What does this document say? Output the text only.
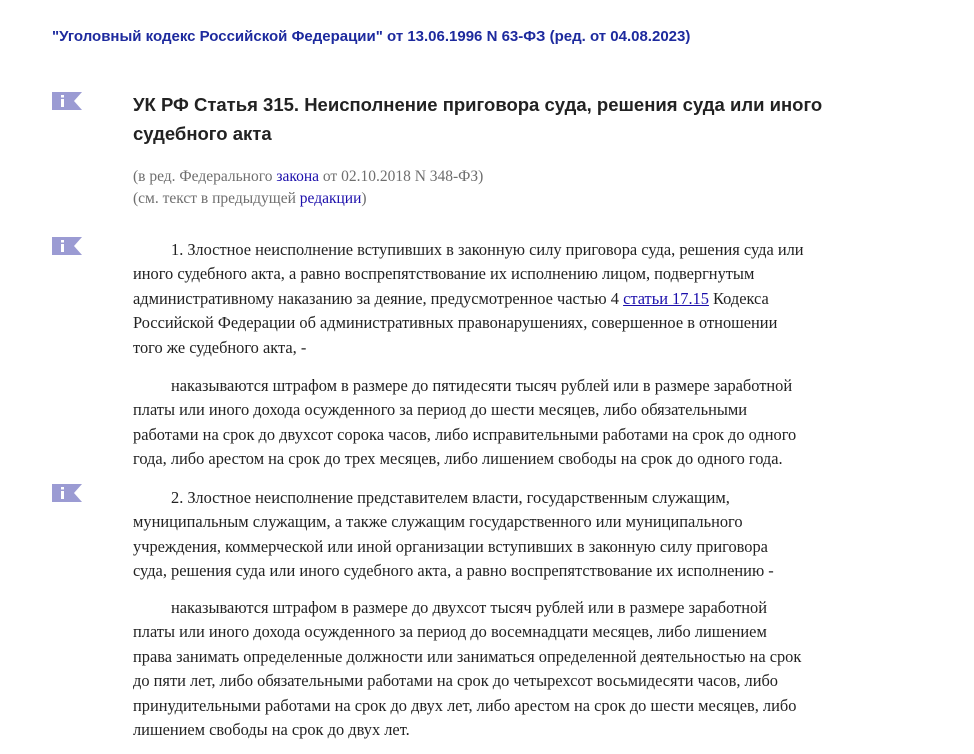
"Уголовный кодекс Российской Федерации" от 13.06.1996 N 63-ФЗ (ред. от 04.08.2023)
УК РФ Статья 315. Неисполнение приговора суда, решения суда или иного
судебного акта
(в ред. Федерального закона от 02.10.2018 N 348-ФЗ)
(см. текст в предыдущей редакции)
1. Злостное неисполнение вступивших в законную силу приговора суда, решения суда или
иного судебного акта, а равно воспрепятствование их исполнению лицом, подвергнутым
административному наказанию за деяние, предусмотренное частью 4 статьи 17.15 Кодекса
Российской Федерации об административных правонарушениях, совершенное в отношении
того же судебного акта, -
наказываются штрафом в размере до пятидесяти тысяч рублей или в размере заработной
платы или иного дохода осужденного за период до шести месяцев, либо обязательными
работами на срок до двухсот сорока часов, либо исправительными работами на срок до одного
года, либо арестом на срок до трех месяцев, либо лишением свободы на срок до одного года.
2. Злостное неисполнение представителем власти, государственным служащим,
муниципальным служащим, а также служащим государственного или муниципального
учреждения, коммерческой или иной организации вступивших в законную силу приговора
суда, решения суда или иного судебного акта, а равно воспрепятствование их исполнению -
наказываются штрафом в размере до двухсот тысяч рублей или в размере заработной
платы или иного дохода осужденного за период до восемнадцати месяцев, либо лишением
права занимать определенные должности или заниматься определенной деятельностью на срок
до пяти лет, либо обязательными работами на срок до четырехсот восьмидесяти часов, либо
принудительными работами на срок до двух лет, либо арестом на срок до шести месяцев, либо
лишением свободы на срок до двух лет.
